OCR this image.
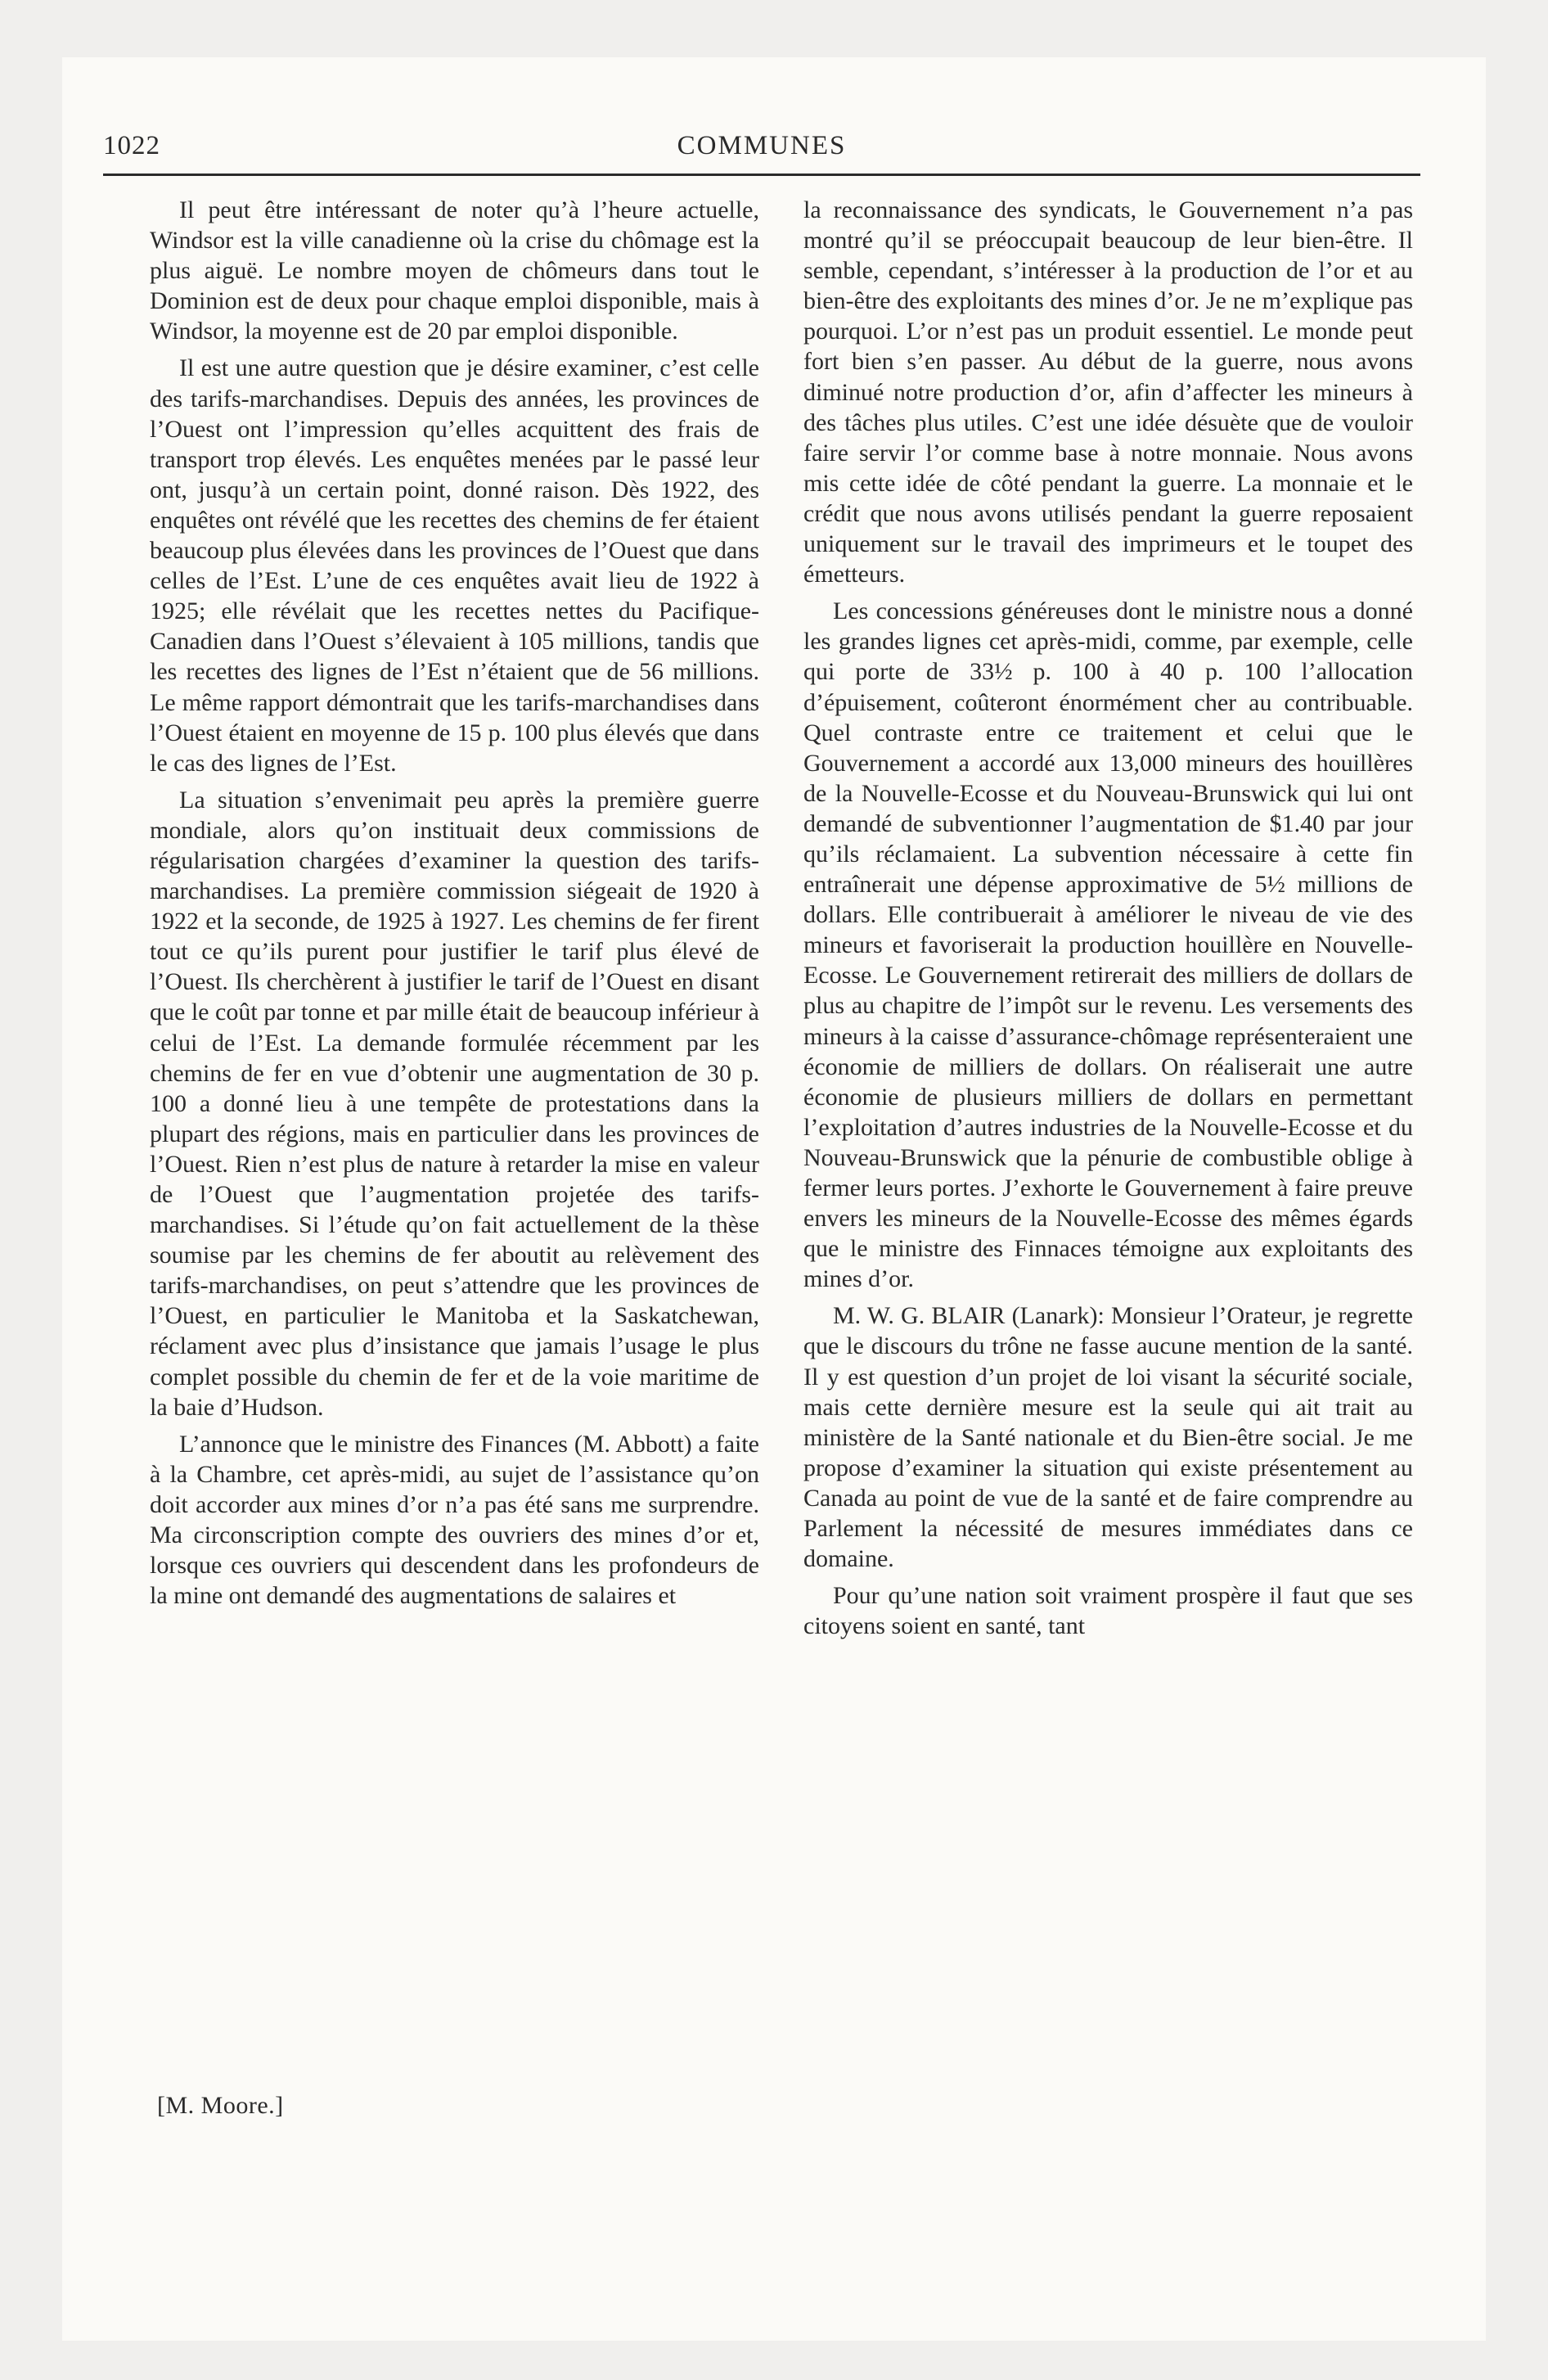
COMMUNES
1022

Il peut être intéressant de noter qu’à l’heure actuelle, Windsor est la ville canadienne où la crise du chômage est la plus aiguë. Le nombre moyen de chômeurs dans tout le Dominion est de deux pour chaque emploi disponible, mais à Windsor, la moyenne est de 20 par emploi disponible.

Il est une autre question que je désire examiner, c’est celle des tarifs-marchandises. Depuis des années, les provinces de l’Ouest ont l’impression qu’elles acquittent des frais de transport trop élevés. Les enquêtes menées par le passé leur ont, jusqu’à un certain point, donné raison. Dès 1922, des enquêtes ont révélé que les recettes des chemins de fer étaient beaucoup plus élevées dans les provinces de l’Ouest que dans celles de l’Est. L’une de ces enquêtes avait lieu de 1922 à 1925; elle révélait que les recettes nettes du Pacifique-Canadien dans l’Ouest s’élevaient à 105 millions, tandis que les recettes des lignes de l’Est n’étaient que de 56 millions. Le même rapport démontrait que les tarifs-marchandises dans l’Ouest étaient en moyenne de 15 p. 100 plus élevés que dans le cas des lignes de l’Est.

La situation s’envenimait peu après la première guerre mondiale, alors qu’on instituait deux commissions de régularisation chargées d’examiner la question des tarifs-marchandises. La première commission siégeait de 1920 à 1922 et la seconde, de 1925 à 1927. Les chemins de fer firent tout ce qu’ils purent pour justifier le tarif plus élevé de l’Ouest. Ils cherchèrent à justifier le tarif de l’Ouest en disant que le coût par tonne et par mille était de beaucoup inférieur à celui de l’Est. La demande formulée récemment par les chemins de fer en vue d’obtenir une augmentation de 30 p. 100 a donné lieu à une tempête de protestations dans la plupart des régions, mais en particulier dans les provinces de l’Ouest. Rien n’est plus de nature à retarder la mise en valeur de l’Ouest que l’augmentation projetée des tarifs-marchandises. Si l’étude qu’on fait actuellement de la thèse soumise par les chemins de fer aboutit au relèvement des tarifs-marchandises, on peut s’attendre que les provinces de l’Ouest, en particulier le Manitoba et la Saskatchewan, réclament avec plus d’insistance que jamais l’usage le plus complet possible du chemin de fer et de la voie maritime de la baie d’Hudson.

L’annonce que le ministre des Finances (M. Abbott) a faite à la Chambre, cet après-midi, au sujet de l’assistance qu’on doit accorder aux mines d’or n’a pas été sans me surprendre. Ma circonscription compte des ouvriers des mines d’or et, lorsque ces ouvriers qui descendent dans les profondeurs de la mine ont demandé des augmentations de salaires et

[M. Moore.]

la reconnaissance des syndicats, le Gouvernement n’a pas montré qu’il se préoccupait beaucoup de leur bien-être. Il semble, cependant, s’intéresser à la production de l’or et au bien-être des exploitants des mines d’or. Je ne m’explique pas pourquoi. L’or n’est pas un produit essentiel. Le monde peut fort bien s’en passer. Au début de la guerre, nous avons diminué notre production d’or, afin d’affecter les mineurs à des tâches plus utiles. C’est une idée désuète que de vouloir faire servir l’or comme base à notre monnaie. Nous avons mis cette idée de côté pendant la guerre. La monnaie et le crédit que nous avons utilisés pendant la guerre reposaient uniquement sur le travail des imprimeurs et le toupet des émetteurs.

Les concessions généreuses dont le ministre nous a donné les grandes lignes cet après-midi, comme, par exemple, celle qui porte de 33½ p. 100 à 40 p. 100 l’allocation d’épuisement, coûteront énormément cher au contribuable. Quel contraste entre ce traitement et celui que le Gouvernement a accordé aux 13,000 mineurs des houillères de la Nouvelle-Ecosse et du Nouveau-Brunswick qui lui ont demandé de subventionner l’augmentation de $1.40 par jour qu’ils réclamaient. La subvention nécessaire à cette fin entraînerait une dépense approximative de 5½ millions de dollars. Elle contribuerait à améliorer le niveau de vie des mineurs et favoriserait la production houillère en Nouvelle-Ecosse. Le Gouvernement retirerait des milliers de dollars de plus au chapitre de l’impôt sur le revenu. Les versements des mineurs à la caisse d’assurance-chômage représenteraient une économie de milliers de dollars. On réaliserait une autre économie de plusieurs milliers de dollars en permettant l’exploitation d’autres industries de la Nouvelle-Ecosse et du Nouveau-Brunswick que la pénurie de combustible oblige à fermer leurs portes. J’exhorte le Gouvernement à faire preuve envers les mineurs de la Nouvelle-Ecosse des mêmes égards que le ministre des Finnaces témoigne aux exploitants des mines d’or.

M. W. G. BLAIR (Lanark): Monsieur l’Orateur, je regrette que le discours du trône ne fasse aucune mention de la santé. Il y est question d’un projet de loi visant la sécurité sociale, mais cette dernière mesure est la seule qui ait trait au ministère de la Santé nationale et du Bien-être social. Je me propose d’examiner la situation qui existe présentement au Canada au point de vue de la santé et de faire comprendre au Parlement la nécessité de mesures immédiates dans ce domaine.

Pour qu’une nation soit vraiment prospère il faut que ses citoyens soient en santé, tant
